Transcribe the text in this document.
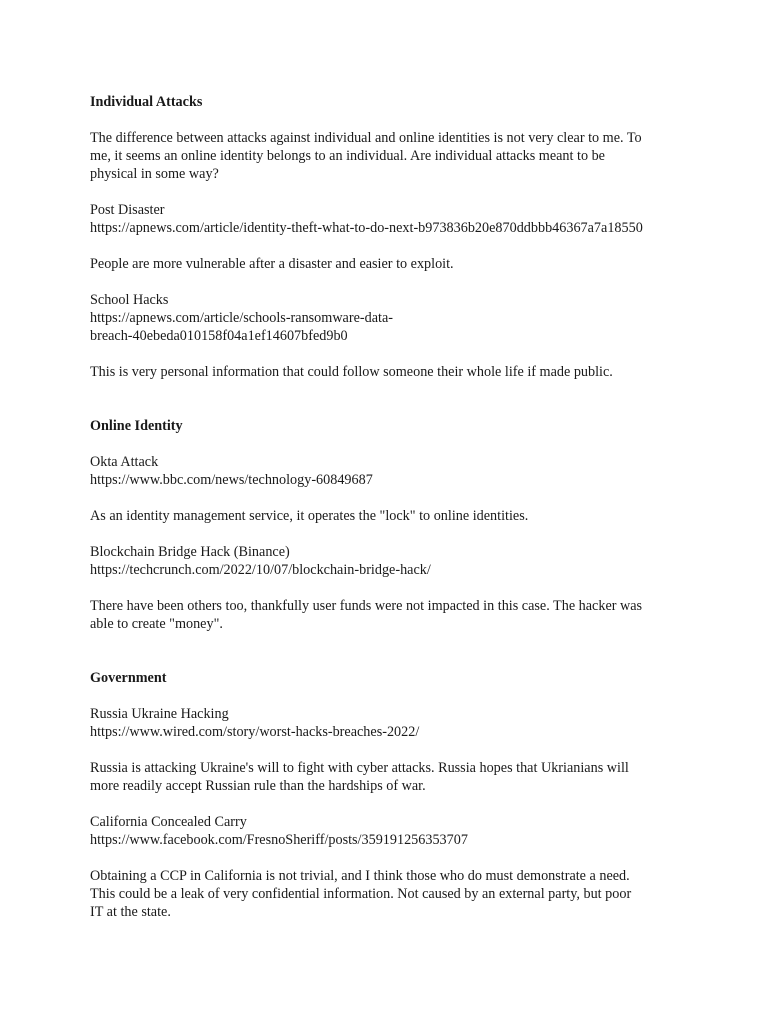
Individual Attacks
The difference between attacks against individual and online identities is not very clear to me. To
me, it seems an online identity belongs to an individual. Are individual attacks meant to be
physical in some way?
Post Disaster
https://apnews.com/article/identity-theft-what-to-do-next-b973836b20e870ddbbb46367a7a18550
People are more vulnerable after a disaster and easier to exploit.
School Hacks
https://apnews.com/article/schools-ransomware-data-
breach-40ebeda010158f04a1ef14607bfed9b0
This is very personal information that could follow someone their whole life if made public.
Online Identity
Okta Attack
https://www.bbc.com/news/technology-60849687
As an identity management service, it operates the "lock" to online identities.
Blockchain Bridge Hack (Binance)
https://techcrunch.com/2022/10/07/blockchain-bridge-hack/
There have been others too, thankfully user funds were not impacted in this case. The hacker was
able to create "money".
Government
Russia Ukraine Hacking
https://www.wired.com/story/worst-hacks-breaches-2022/
Russia is attacking Ukraine's will to fight with cyber attacks. Russia hopes that Ukrianians will
more readily accept Russian rule than the hardships of war.
California Concealed Carry
https://www.facebook.com/FresnoSheriff/posts/359191256353707
Obtaining a CCP in California is not trivial, and I think those who do must demonstrate a need.
This could be a leak of very confidential information. Not caused by an external party, but poor
IT at the state.
